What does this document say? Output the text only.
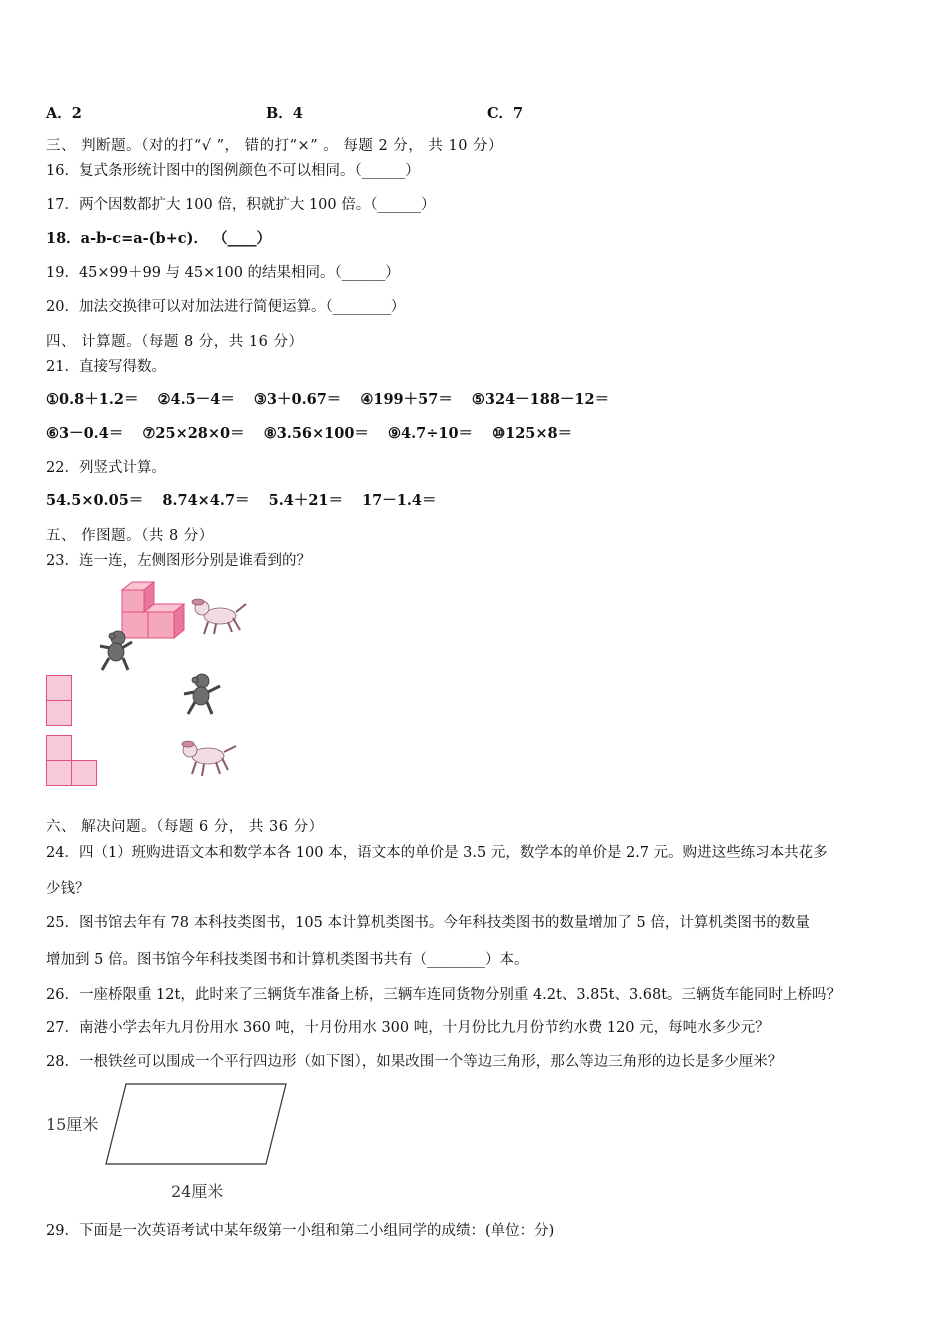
A．2	B．4	C．7
三、 判断题。（对的打“√ ”， 错的打“×” 。 每题 2 分， 共 10 分）
16．复式条形统计图中的图例颜色不可以相同。（______）
17．两个因数都扩大 100 倍，积就扩大 100 倍。（______）
18．a-b-c=a-(b+c)． （____）
19．45×99＋99 与 45×100 的结果相同。（______）
20．加法交换律可以对加法进行简便运算。（________）
四、 计算题。（每题 8 分，共 16 分）
21．直接写得数。
①0.8＋1.2＝ ②4.5－4＝ ③3＋0.67＝ ④199＋57＝ ⑤324－188－12＝
⑥3－0.4＝ ⑦25×28×0＝ ⑧3.56×100＝ ⑨4.7÷10＝ ⑩125×8＝
22．列竖式计算。
54.5×0.05＝ 8.74×4.7＝ 5.4＋21＝ 17－1.4＝
五、 作图题。（共 8 分）
23．连一连，左侧图形分别是谁看到的？
六、 解决问题。（每题 6 分， 共 36 分）
24．四（1）班购进语文本和数学本各 100 本，语文本的单价是 3.5 元，数学本的单价是 2.7 元。购进这些练习本共花多
少钱？
25．图书馆去年有 78 本科技类图书，105 本计算机类图书。今年科技类图书的数量增加了 5 倍，计算机类图书的数量
增加到 5 倍。图书馆今年科技类图书和计算机类图书共有（________）本。
26．一座桥限重 12t，此时来了三辆货车准备上桥，三辆车连同货物分别重 4.2t、3.85t、3.68t。三辆货车能同时上桥吗？
27．南港小学去年九月份用水 360 吨，十月份用水 300 吨，十月份比九月份节约水费 120 元，每吨水多少元？
28．一根铁丝可以围成一个平行四边形（如下图），如果改围一个等边三角形，那么等边三角形的边长是多少厘米？
15厘米
24厘米
29．下面是一次英语考试中某年级第一小组和第二小组同学的成绩：(单位：分)
